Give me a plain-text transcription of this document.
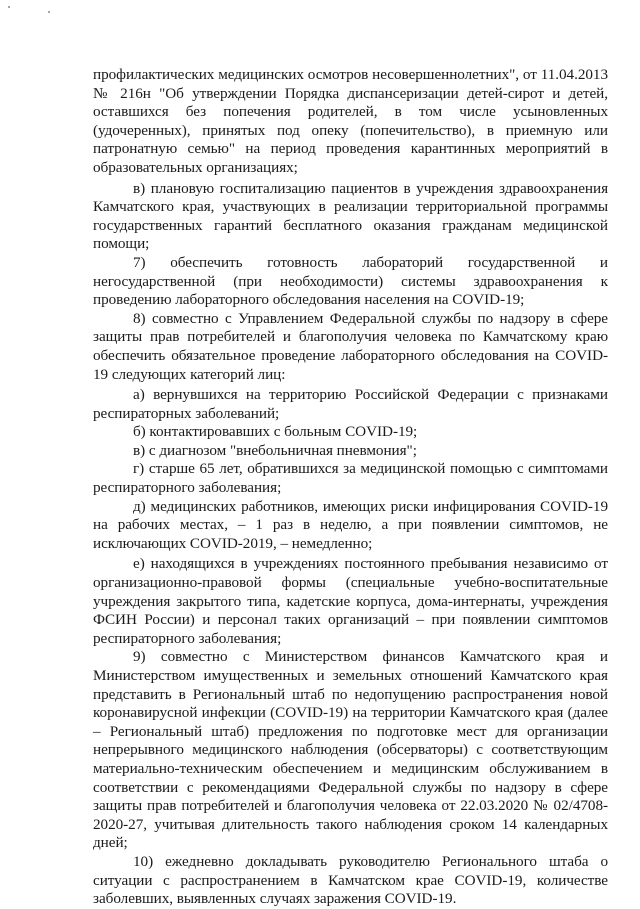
профилактических медицинских осмотров несовершеннолетних", от 11.04.2013 № 216н "Об утверждении Порядка диспансеризации детей-сирот и детей, оставшихся без попечения родителей, в том числе усыновленных (удочеренных), принятых под опеку (попечительство), в приемную или патронатную семью" на период проведения карантинных мероприятий в образовательных организациях;

в) плановую госпитализацию пациентов в учреждения здравоохранения Камчатского края, участвующих в реализации территориальной программы государственных гарантий бесплатного оказания гражданам медицинской помощи;

7) обеспечить готовность лабораторий государственной и негосударственной (при необходимости) системы здравоохранения к проведению лабораторного обследования населения на COVID-19;

8) совместно с Управлением Федеральной службы по надзору в сфере защиты прав потребителей и благополучия человека по Камчатскому краю обеспечить обязательное проведение лабораторного обследования на COVID-19 следующих категорий лиц:

а) вернувшихся на территорию Российской Федерации с признаками респираторных заболеваний;

б) контактировавших с больным COVID-19;

в) с диагнозом "внебольничная пневмония";

г) старше 65 лет, обратившихся за медицинской помощью с симптомами респираторного заболевания;

д) медицинских работников, имеющих риски инфицирования COVID-19 на рабочих местах, – 1 раз в неделю, а при появлении симптомов, не исключающих COVID-2019, – немедленно;

е) находящихся в учреждениях постоянного пребывания независимо от организационно-правовой формы (специальные учебно-воспитательные учреждения закрытого типа, кадетские корпуса, дома-интернаты, учреждения ФСИН России) и персонал таких организаций – при появлении симптомов респираторного заболевания;

9) совместно с Министерством финансов Камчатского края и Министерством имущественных и земельных отношений Камчатского края представить в Региональный штаб по недопущению распространения новой коронавирусной инфекции (COVID-19) на территории Камчатского края (далее – Региональный штаб) предложения по подготовке мест для организации непрерывного медицинского наблюдения (обсерваторы) с соответствующим материально-техническим обеспечением и медицинским обслуживанием в соответствии с рекомендациями Федеральной службы по надзору в сфере защиты прав потребителей и благополучия человека от 22.03.2020 № 02/4708-2020-27, учитывая длительность такого наблюдения сроком 14 календарных дней;

10) ежедневно докладывать руководителю Регионального штаба о ситуации с распространением в Камчатском крае COVID-19, количестве заболевших, выявленных случаях заражения COVID-19.
